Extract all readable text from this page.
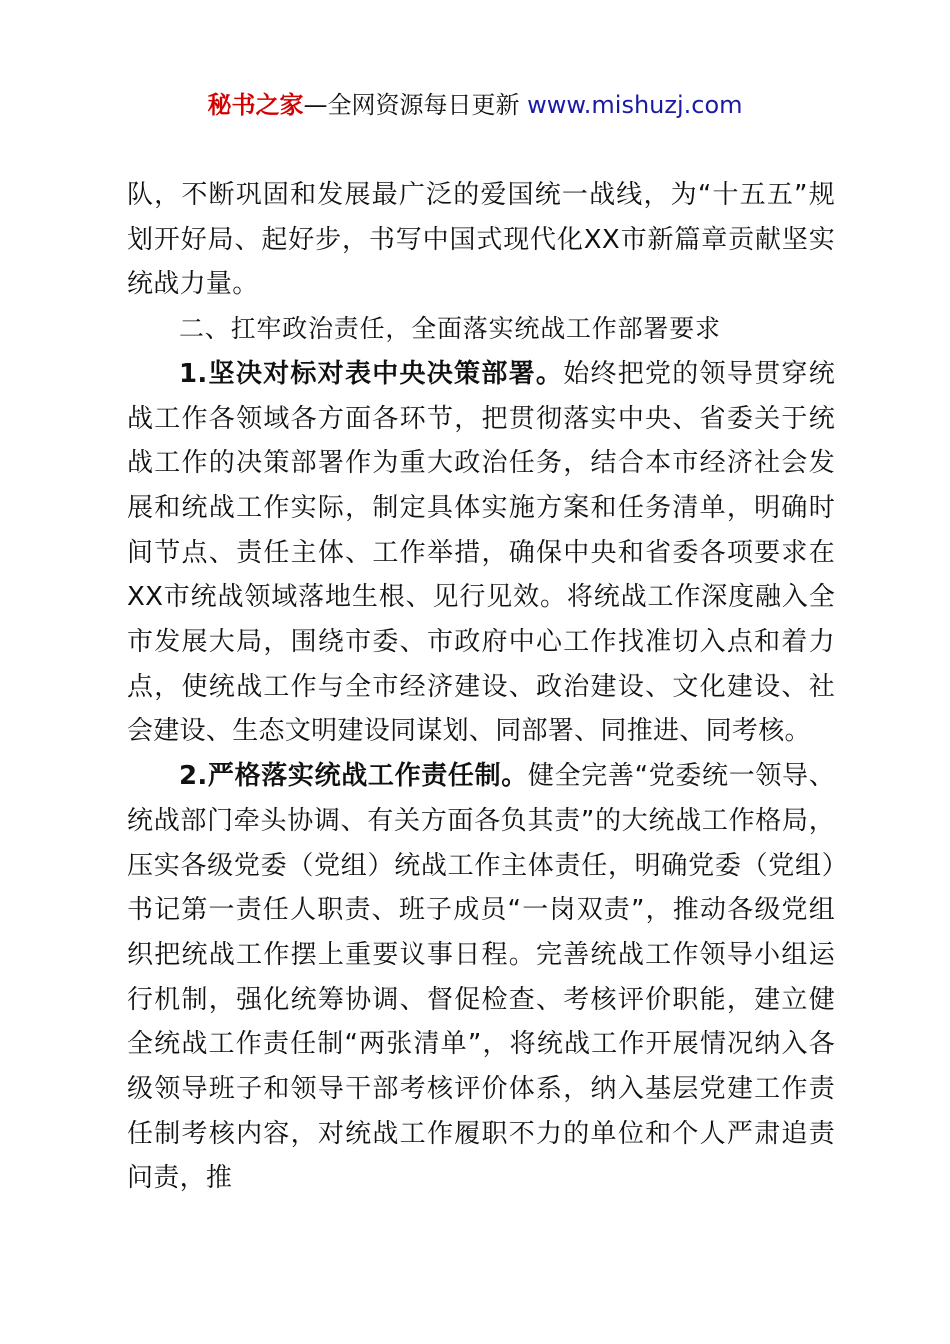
秘书之家—全网资源每日更新 www.mishuzj.com

队，不断巩固和发展最广泛的爱国统一战线，为“十五五”规划开好局、起好步，书写中国式现代化XX市新篇章贡献坚实统战力量。

二、扛牢政治责任，全面落实统战工作部署要求

1.坚决对标对表中央决策部署。始终把党的领导贯穿统战工作各领域各方面各环节，把贯彻落实中央、省委关于统战工作的决策部署作为重大政治任务，结合本市经济社会发展和统战工作实际，制定具体实施方案和任务清单，明确时间节点、责任主体、工作举措，确保中央和省委各项要求在XX市统战领域落地生根、见行见效。将统战工作深度融入全市发展大局，围绕市委、市政府中心工作找准切入点和着力点，使统战工作与全市经济建设、政治建设、文化建设、社会建设、生态文明建设同谋划、同部署、同推进、同考核。

2.严格落实统战工作责任制。健全完善“党委统一领导、统战部门牵头协调、有关方面各负其责”的大统战工作格局，压实各级党委（党组）统战工作主体责任，明确党委（党组）书记第一责任人职责、班子成员“一岗双责”，推动各级党组织把统战工作摆上重要议事日程。完善统战工作领导小组运行机制，强化统筹协调、督促检查、考核评价职能，建立健全统战工作责任制“两张清单”，将统战工作开展情况纳入各级领导班子和领导干部考核评价体系，纳入基层党建工作责任制考核内容，对统战工作履职不力的单位和个人严肃追责问责，推
